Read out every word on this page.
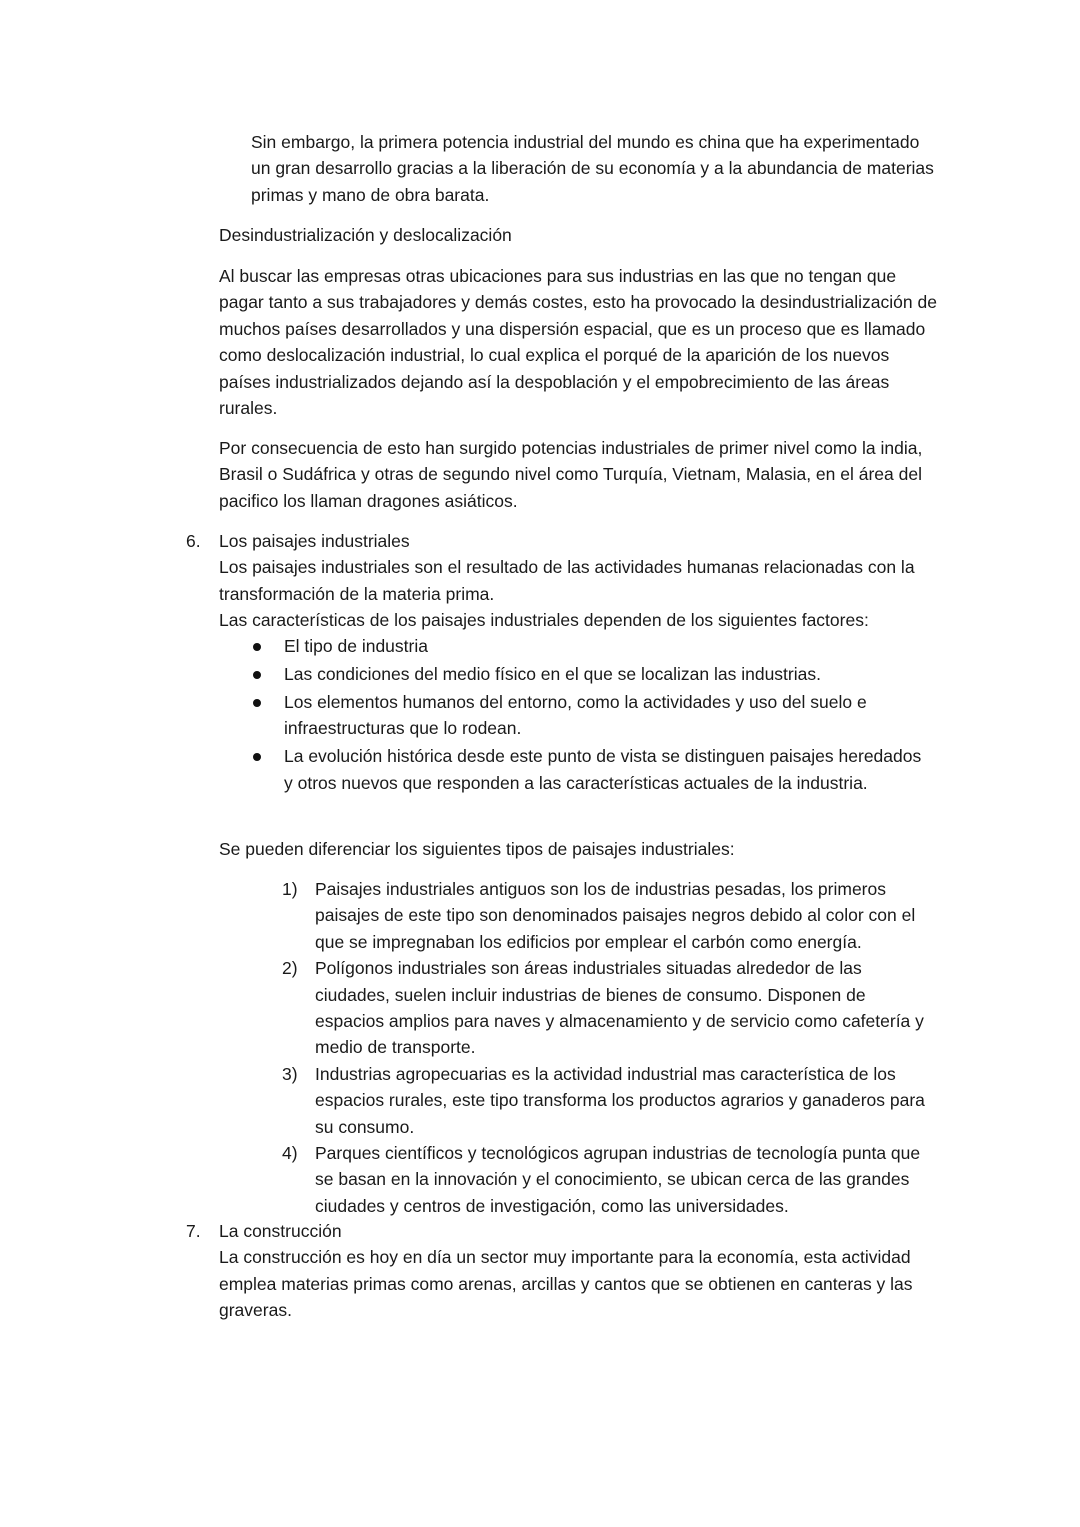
Sin embargo, la primera potencia industrial del mundo es china que ha experimentado un gran desarrollo gracias a la liberación de su economía y a la abundancia de materias primas y mano de obra barata.

Desindustrialización y deslocalización

Al buscar las empresas otras ubicaciones para sus industrias en las que no tengan que pagar tanto a sus trabajadores y demás costes, esto ha provocado la desindustrialización de muchos países desarrollados y una dispersión espacial, que es un proceso que es llamado como deslocalización industrial, lo cual explica el porqué de la aparición de los nuevos países industrializados dejando así la despoblación y el empobrecimiento de las áreas rurales.

Por consecuencia de esto han surgido potencias industriales de primer nivel como la india, Brasil o Sudáfrica y otras de segundo nivel como Turquía, Vietnam, Malasia, en el área del pacifico los llaman dragones asiáticos.

6.	Los paisajes industriales
Los paisajes industriales son el resultado de las actividades humanas relacionadas con la transformación de la materia prima.
Las características de los paisajes industriales dependen de los siguientes factores:
El tipo de industria
Las condiciones del medio físico en el que se localizan las industrias.
Los elementos humanos del entorno, como la actividades y uso del suelo e infraestructuras que lo rodean.
La evolución histórica desde este punto de vista se distinguen paisajes heredados y otros nuevos que responden a las características actuales de la industria.

Se pueden diferenciar los siguientes tipos de paisajes industriales:

1) Paisajes industriales antiguos son los de industrias pesadas, los primeros paisajes de este tipo son denominados paisajes negros debido al color con el que se impregnaban los edificios por emplear el carbón como energía.
2) Polígonos industriales son áreas industriales situadas alrededor de las ciudades, suelen incluir industrias de bienes de consumo. Disponen de espacios amplios para naves y almacenamiento y de servicio como cafetería y medio de transporte.
3) Industrias agropecuarias es la actividad industrial mas característica de los espacios rurales, este tipo transforma los productos agrarios y ganaderos para su consumo.
4) Parques científicos y tecnológicos agrupan industrias de tecnología punta que se basan en la innovación y el conocimiento, se ubican cerca de las grandes ciudades y centros de investigación, como las universidades.
7.	La construcción
La construcción es hoy en día un sector muy importante para la economía, esta actividad emplea materias primas como arenas, arcillas y cantos que se obtienen en canteras y las graveras.
